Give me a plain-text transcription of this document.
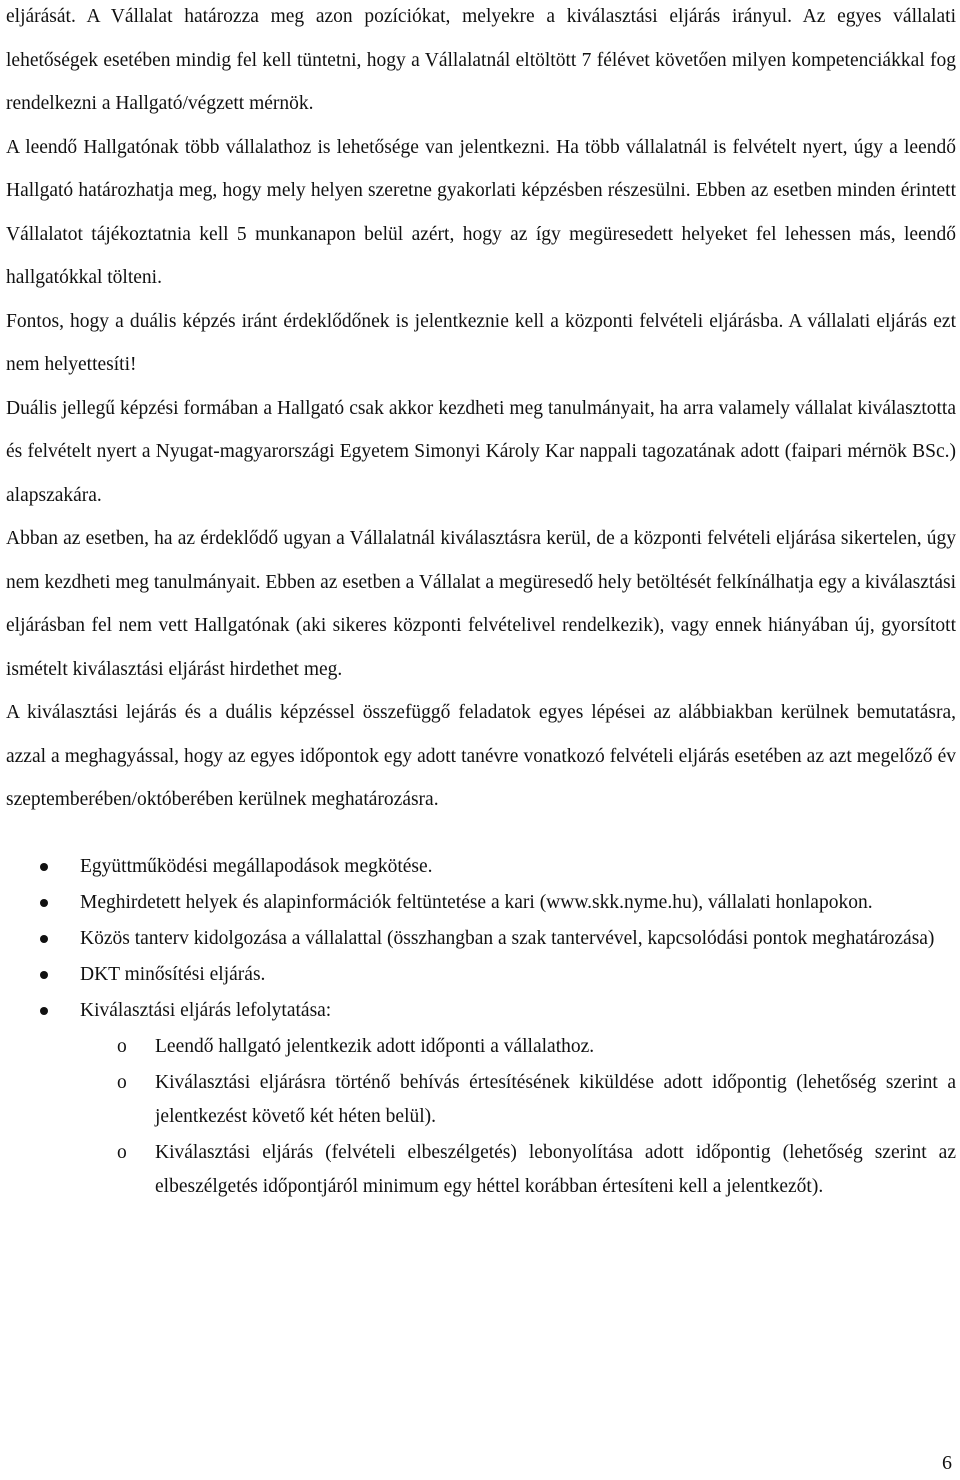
eljárását. A Vállalat határozza meg azon pozíciókat, melyekre a kiválasztási eljárás irányul. Az egyes vállalati lehetőségek esetében mindig fel kell tüntetni, hogy a Vállalatnál eltöltött 7 félévet követően milyen kompetenciákkal fog rendelkezni a Hallgató/végzett mérnök.

A leendő Hallgatónak több vállalathoz is lehetősége van jelentkezni. Ha több vállalatnál is felvételt nyert, úgy a leendő Hallgató határozhatja meg, hogy mely helyen szeretne gyakorlati képzésben részesülni. Ebben az esetben minden érintett Vállalatot tájékoztatnia kell 5 munkanapon belül azért, hogy az így megüresedett helyeket fel lehessen más, leendő hallgatókkal tölteni.

Fontos, hogy a duális képzés iránt érdeklődőnek is jelentkeznie kell a központi felvételi eljárásba. A vállalati eljárás ezt nem helyettesíti!

Duális jellegű képzési formában a Hallgató csak akkor kezdheti meg tanulmányait, ha arra valamely vállalat kiválasztotta és felvételt nyert a Nyugat-magyarországi Egyetem Simonyi Károly Kar nappali tagozatának adott (faipari mérnök BSc.) alapszakára.

Abban az esetben, ha az érdeklődő ugyan a Vállalatnál kiválasztásra kerül, de a központi felvételi eljárása sikertelen, úgy nem kezdheti meg tanulmányait. Ebben az esetben a Vállalat a megüresedő hely betöltését felkínálhatja egy a kiválasztási eljárásban fel nem vett Hallgatónak (aki sikeres központi felvételivel rendelkezik), vagy ennek hiányában új, gyorsított ismételt kiválasztási eljárást hirdethet meg.

A kiválasztási lejárás és a duális képzéssel összefüggő feladatok egyes lépései az alábbiakban kerülnek bemutatásra, azzal a meghagyással, hogy az egyes időpontok egy adott tanévre vonatkozó felvételi eljárás esetében az azt megelőző év szeptemberében/októberében kerülnek meghatározásra.

Együttműködési megállapodások megkötése.
Meghirdetett helyek és alapinformációk feltüntetése a kari (www.skk.nyme.hu), vállalati honlapokon.
Közös tanterv kidolgozása a vállalattal (összhangban a szak tantervével, kapcsolódási pontok meghatározása)
DKT minősítési eljárás.
Kiválasztási eljárás lefolytatása:
o Leendő hallgató jelentkezik adott időponti a vállalathoz.
o Kiválasztási eljárásra történő behívás értesítésének kiküldése adott időpontig (lehetőség szerint a jelentkezést követő két héten belül).
o Kiválasztási eljárás (felvételi elbeszélgetés) lebonyolítása adott időpontig (lehetőség szerint az elbeszélgetés időpontjáról minimum egy héttel korábban értesíteni kell a jelentkezőt).
6
